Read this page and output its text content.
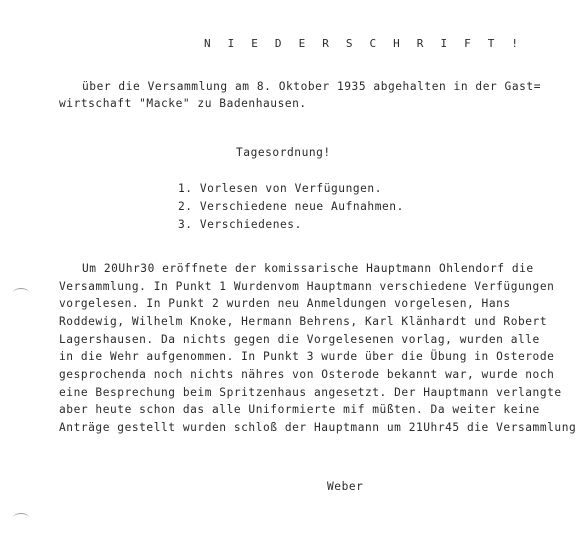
N I E D E R S C H R I F T !
über die Versammlung am 8. Oktober 1935 abgehalten in der Gast=
wirtschaft "Macke" zu Badenhausen.
Tagesordnung!
1. Vorlesen von Verfügungen.
2. Verschiedene neue Aufnahmen.
3. Verschiedenes.
Um 20Uhr30 eröffnete der komissarische Hauptmann Ohlendorf die
Versammlung. In Punkt 1 Wurdenvom Hauptmann verschiedene Verfügungen
vorgelesen. In Punkt 2 wurden neu Anmeldungen vorgelesen, Hans
Roddewig, Wilhelm Knoke, Hermann Behrens, Karl Klänhardt und Robert
Lagershausen. Da nichts gegen die Vorgelesenen vorlag, wurden alle
in die Wehr aufgenommen. In Punkt 3 wurde über die Übung in Osterode
gesprochenda noch nichts nähres von Osterode bekannt war, wurde noch
eine Besprechung beim Spritzenhaus angesetzt. Der Hauptmann verlangte
aber heute schon das alle Uniformierte mif müßten. Da weiter keine
Anträge gestellt wurden schloß der Hauptmann um 21Uhr45 die Versammlung
Weber
